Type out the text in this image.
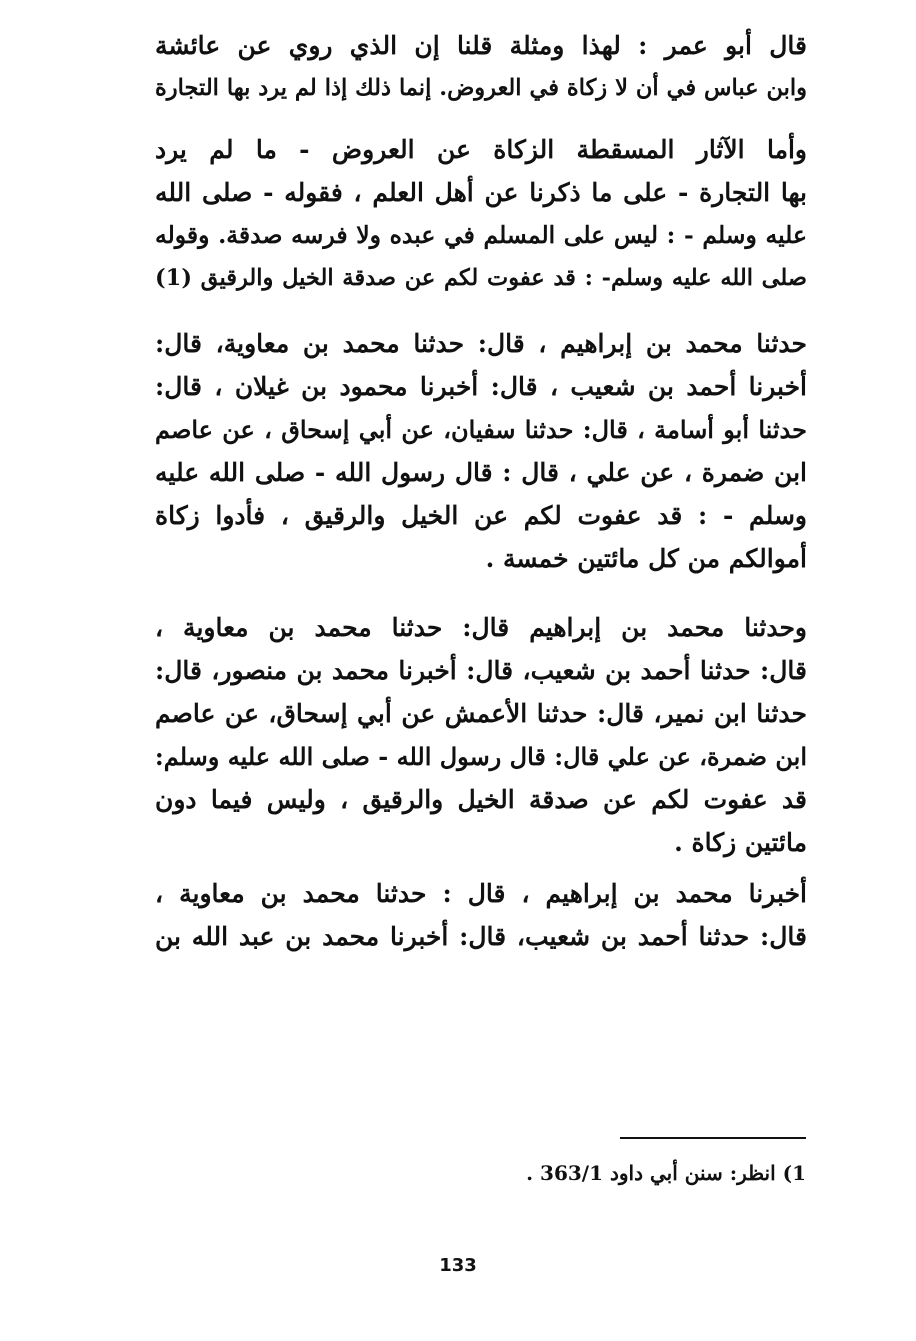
قال أبو عمر : لهذا ومثلة قلنا إن الذي روي عن عائشة
وابن عباس في أن لا زكاة في العروض. إنما ذلك إذا لم يرد بها التجارة
وأما الآثار المسقطة الزكاة عن العروض - ما لم يرد
بها التجارة - على ما ذكرنا عن أهل العلم ، فقوله - صلى الله
عليه وسلم - : ليس على المسلم في عبده ولا فرسه صدقة. وقوله
صلى الله عليه وسلم- : قد عفوت لكم عن صدقة الخيل والرقيق (1)
حدثنا محمد بن إبراهيم ، قال: حدثنا محمد بن معاوية، قال:
أخبرنا أحمد بن شعيب ، قال: أخبرنا محمود بن غيلان ، قال:
حدثنا أبو أسامة ، قال: حدثنا سفيان، عن أبي إسحاق ، عن عاصم
ابن ضمرة ، عن علي ، قال : قال رسول الله - صلى الله عليه
وسلم - : قد عفوت لكم عن الخيل والرقيق ، فأدوا زكاة
أموالكم من كل مائتين خمسة .
وحدثنا محمد بن إبراهيم قال: حدثنا محمد بن معاوية ،
قال: حدثنا أحمد بن شعيب، قال: أخبرنا محمد بن منصور، قال:
حدثنا ابن نمير، قال: حدثنا الأعمش عن أبي إسحاق، عن عاصم
ابن ضمرة، عن علي قال: قال رسول الله - صلى الله عليه وسلم:
قد عفوت لكم عن صدقة الخيل والرقيق ، وليس فيما دون
مائتين زكاة .
أخبرنا محمد بن إبراهيم ، قال : حدثنا محمد بن معاوية ،
قال: حدثنا أحمد بن شعيب، قال: أخبرنا محمد بن عبد الله بن
1) انظر: سنن أبي داود 363/1 .
133
